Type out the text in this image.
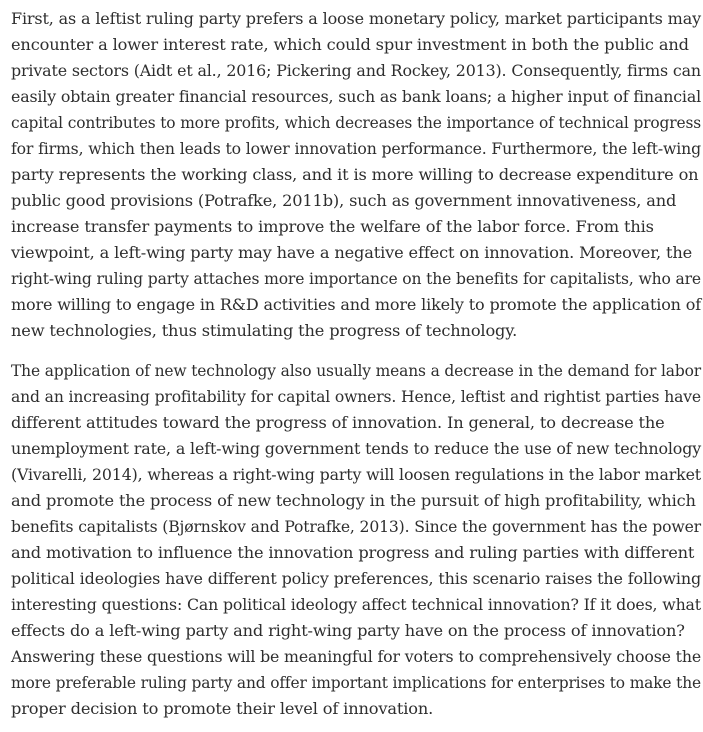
First, as a leftist ruling party prefers a loose monetary policy, market participants may
encounter a lower interest rate, which could spur investment in both the public and
private sectors (Aidt et al., 2016; Pickering and Rockey, 2013). Consequently, firms can
easily obtain greater financial resources, such as bank loans; a higher input of financial
capital contributes to more profits, which decreases the importance of technical progress
for firms, which then leads to lower innovation performance. Furthermore, the left-wing
party represents the working class, and it is more willing to decrease expenditure on
public good provisions (Potrafke, 2011b), such as government innovativeness, and
increase transfer payments to improve the welfare of the labor force. From this
viewpoint, a left-wing party may have a negative effect on innovation. Moreover, the
right-wing ruling party attaches more importance on the benefits for capitalists, who are
more willing to engage in R&D activities and more likely to promote the application of
new technologies, thus stimulating the progress of technology.

The application of new technology also usually means a decrease in the demand for labor
and an increasing profitability for capital owners. Hence, leftist and rightist parties have
different attitudes toward the progress of innovation. In general, to decrease the
unemployment rate, a left-wing government tends to reduce the use of new technology
(Vivarelli, 2014), whereas a right-wing party will loosen regulations in the labor market
and promote the process of new technology in the pursuit of high profitability, which
benefits capitalists (Bjørnskov and Potrafke, 2013). Since the government has the power
and motivation to influence the innovation progress and ruling parties with different
political ideologies have different policy preferences, this scenario raises the following
interesting questions: Can political ideology affect technical innovation? If it does, what
effects do a left-wing party and right-wing party have on the process of innovation?
Answering these questions will be meaningful for voters to comprehensively choose the
more preferable ruling party and offer important implications for enterprises to make the
proper decision to promote their level of innovation.
